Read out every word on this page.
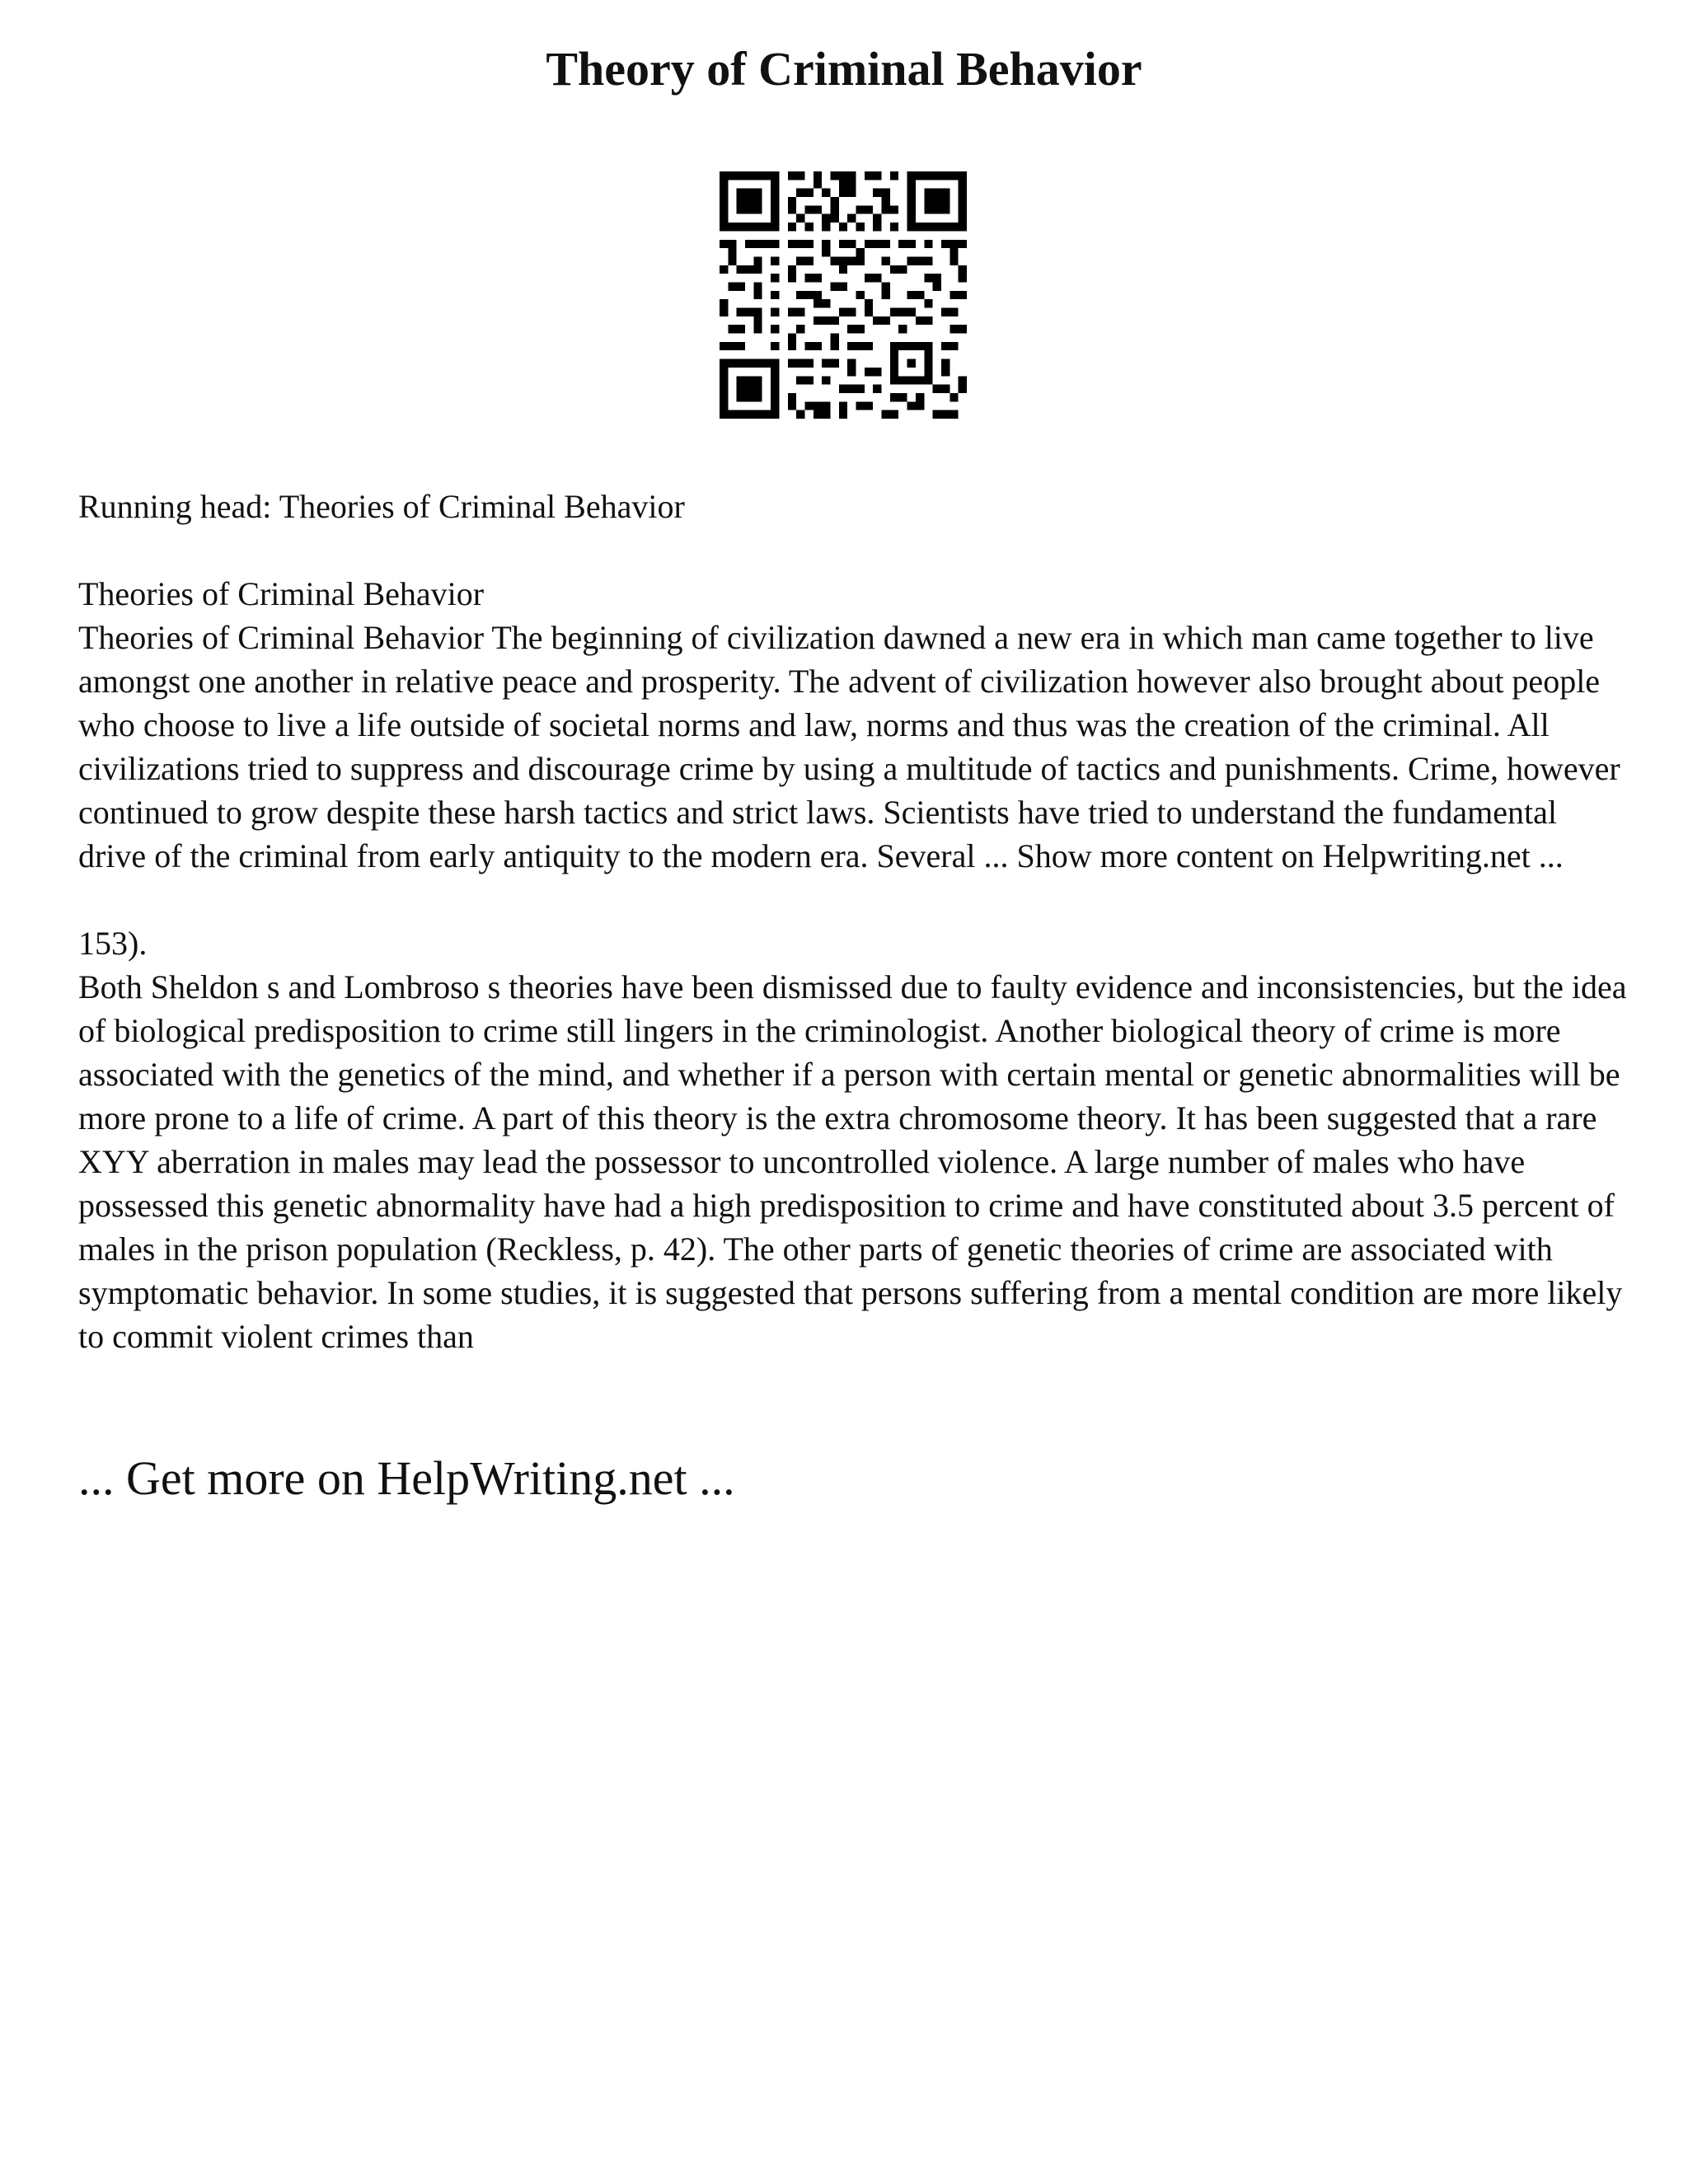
Theory of Criminal Behavior

Running head: Theories of Criminal Behavior

Theories of Criminal Behavior

Theories of Criminal Behavior The beginning of civilization dawned a new era in which man came together to live amongst one another in relative peace and prosperity. The advent of civilization however also brought about people who choose to live a life outside of societal norms and law, norms and thus was the creation of the criminal. All civilizations tried to suppress and discourage crime by using a multitude of tactics and punishments. Crime, however continued to grow despite these harsh tactics and strict laws. Scientists have tried to understand the fundamental drive of the criminal from early antiquity to the modern era. Several ... Show more content on Helpwriting.net ...

153).

Both Sheldon s and Lombroso s theories have been dismissed due to faulty evidence and inconsistencies, but the idea of biological predisposition to crime still lingers in the criminologist. Another biological theory of crime is more associated with the genetics of the mind, and whether if a person with certain mental or genetic abnormalities will be more prone to a life of crime. A part of this theory is the extra chromosome theory. It has been suggested that a rare XYY aberration in males may lead the possessor to uncontrolled violence. A large number of males who have possessed this genetic abnormality have had a high predisposition to crime and have constituted about 3.5 percent of males in the prison population (Reckless, p. 42). The other parts of genetic theories of crime are associated with symptomatic behavior. In some studies, it is suggested that persons suffering from a mental condition are more likely to commit violent crimes than

... Get more on HelpWriting.net ...
